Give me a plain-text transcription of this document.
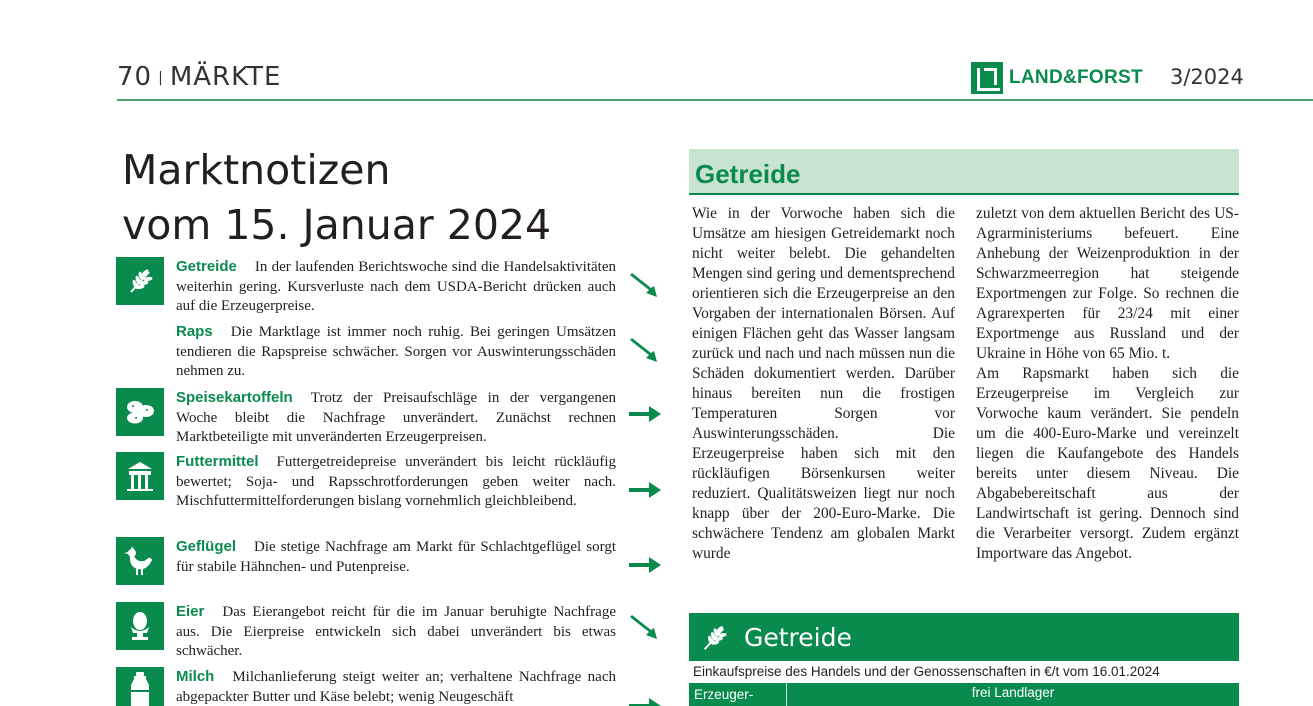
70 | MÄRKTE	LAND&FORST 3/2024
Marktnotizen
vom 15. Januar 2024
Getreide In der laufenden Berichtswoche sind die Handelsaktivitäten weiterhin gering. Kursverluste nach dem USDA-Bericht drücken auch auf die Erzeugerpreise.
Raps Die Marktlage ist immer noch ruhig. Bei geringen Umsätzen tendieren die Rapspreise schwächer. Sorgen vor Auswinterungsschäden nehmen zu.
Speisekartoffeln Trotz der Preisaufschläge in der vergangenen Woche bleibt die Nachfrage unverändert. Zunächst rechnen Marktbeteiligte mit unveränderten Erzeugerpreisen.
Futtermittel Futtergetreidepreise unverändert bis leicht rückläufig bewertet; Soja- und Rapsschrotforderungen geben weiter nach. Mischfuttermittelforderungen bislang vornehmlich gleichbleibend.
Geflügel Die stetige Nachfrage am Markt für Schlachtgeflügel sorgt für stabile Hähnchen- und Putenpreise.
Eier Das Eierangebot reicht für die im Januar beruhigte Nachfrage aus. Die Eierpreise entwickeln sich dabei unverändert bis etwas schwächer.
Milch Milchanlieferung steigt weiter an; verhaltene Nachfrage nach abgepackter Butter und Käse belebt; wenig Neugeschäft
Getreide
Wie in der Vorwoche haben sich die Umsätze am hiesigen Getreidemarkt noch nicht weiter belebt. Die gehandelten Mengen sind gering und dementsprechend orientieren sich die Erzeugerpreise an den Vorgaben der internationalen Börsen. Auf einigen Flächen geht das Wasser langsam zurück und nach und nach müssen nun die Schäden dokumentiert werden. Darüber hinaus bereiten nun die frostigen Temperaturen Sorgen vor Auswinterungsschäden. Die Erzeugerpreise haben sich mit den rückläufigen Börsenkursen weiter reduziert. Qualitätsweizen liegt nur noch knapp über der 200-Euro-Marke. Die schwächere Tendenz am globalen Markt wurde
zuletzt von dem aktuellen Bericht des US-Agrarministeriums befeuert. Eine Anhebung der Weizenproduktion in der Schwarzmeerregion hat steigende Exportmengen zur Folge. So rechnen die Agrarexperten für 23/24 mit einer Exportmenge aus Russland und der Ukraine in Höhe von 65 Mio. t.
Am Rapsmarkt haben sich die Erzeugerpreise im Vergleich zur Vorwoche kaum verändert. Sie pendeln um die 400-Euro-Marke und vereinzelt liegen die Kaufangebote des Handels bereits unter diesem Niveau. Die Abgabebereitschaft aus der Landwirtschaft ist gering. Dennoch sind die Verarbeiter versorgt. Zudem ergänzt Importware das Angebot.
Getreide
Einkaufspreise des Handels und der Genossenschaften in €/t vom 16.01.2024
Erzeuger-	frei Landlager
